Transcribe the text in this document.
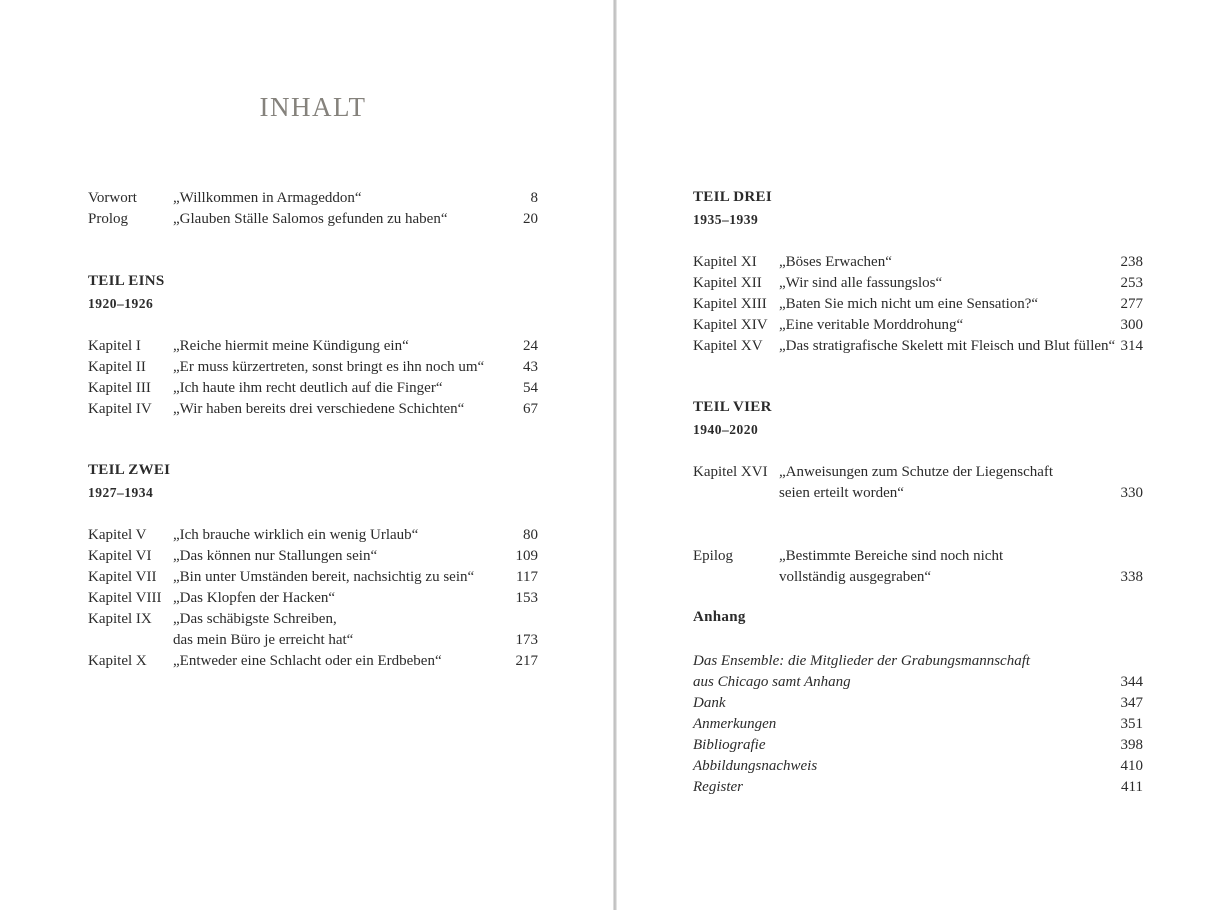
INHALT
Vorwort „Willkommen in Armageddon“	8
Prolog	„Glauben Ställe Salomos gefunden zu haben“	20
TEIL EINS
1920–1926
Kapitel I „Reiche hiermit meine Kündigung ein“	24
Kapitel II „Er muss kürzertreten, sonst bringt es ihn noch um“	43
Kapitel III „Ich haute ihm recht deutlich auf die Finger“	54
Kapitel IV „Wir haben bereits drei verschiedene Schichten“	67
TEIL ZWEI
1927–1934
Kapitel V „Ich brauche wirklich ein wenig Urlaub“	80
Kapitel VI „Das können nur Stallungen sein“	109
Kapitel VII „Bin unter Umständen bereit, nachsichtig zu sein“	117
Kapitel VIII „Das Klopfen der Hacken“	153
Kapitel IX „Das schäbigste Schreiben,
das mein Büro je erreicht hat“	173
Kapitel X „Entweder eine Schlacht oder ein Erdbeben“	217
TEIL DREI
1935–1939
Kapitel XI „Böses Erwachen“	238
Kapitel XII „Wir sind alle fassungslos“	253
Kapitel XIII „Baten Sie mich nicht um eine Sensation?“	277
Kapitel XIV „Eine veritable Morddrohung“	300
Kapitel XV „Das stratigrafische Skelett mit Fleisch und Blut füllen“ 314
TEIL VIER
1940–2020
Kapitel XVI „Anweisungen zum Schutze der Liegenschaft
seien erteilt worden“	330
Epilog	„Bestimmte Bereiche sind noch nicht
vollständig ausgegraben“	338
Anhang
Das Ensemble: die Mitglieder der Grabungsmannschaft
aus Chicago samt Anhang	344
Dank	347
Anmerkungen	351
Bibliografie	398
Abbildungsnachweis	410
Register	411
